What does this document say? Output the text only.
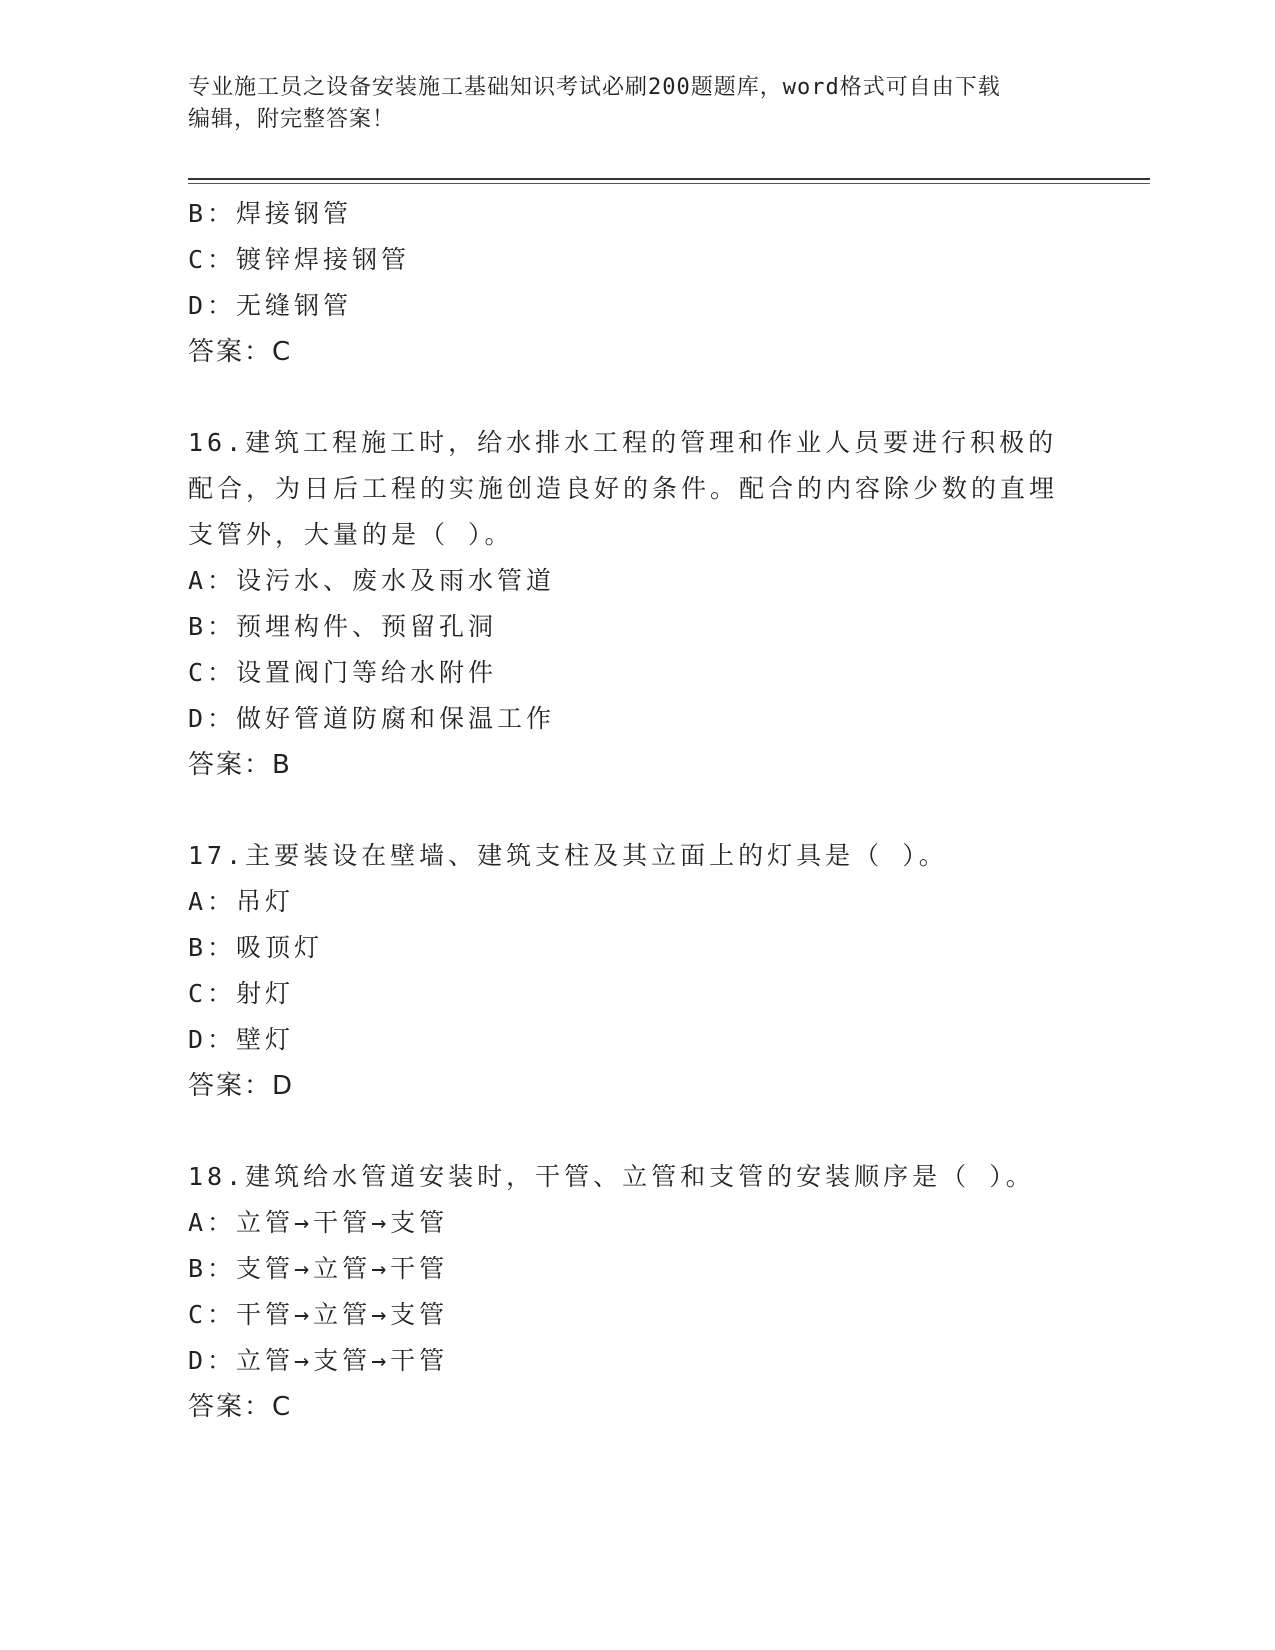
专业施工员之设备安装施工基础知识考试必刷200题题库，word格式可自由下载
编辑，附完整答案！
B：焊接钢管
C：镀锌焊接钢管
D：无缝钢管
答案：C
16.建筑工程施工时，给水排水工程的管理和作业人员要进行积极的配合，为日后工程的实施创造良好的条件。配合的内容除少数的直埋支管外，大量的是（ ）。
A：设污水、废水及雨水管道
B：预埋构件、预留孔洞
C：设置阀门等给水附件
D：做好管道防腐和保温工作
答案：B
17.主要装设在壁墙、建筑支柱及其立面上的灯具是（ ）。
A：吊灯
B：吸顶灯
C：射灯
D：壁灯
答案：D
18.建筑给水管道安装时，干管、立管和支管的安装顺序是（ ）。
A：立管→干管→支管
B：支管→立管→干管
C：干管→立管→支管
D：立管→支管→干管
答案：C
